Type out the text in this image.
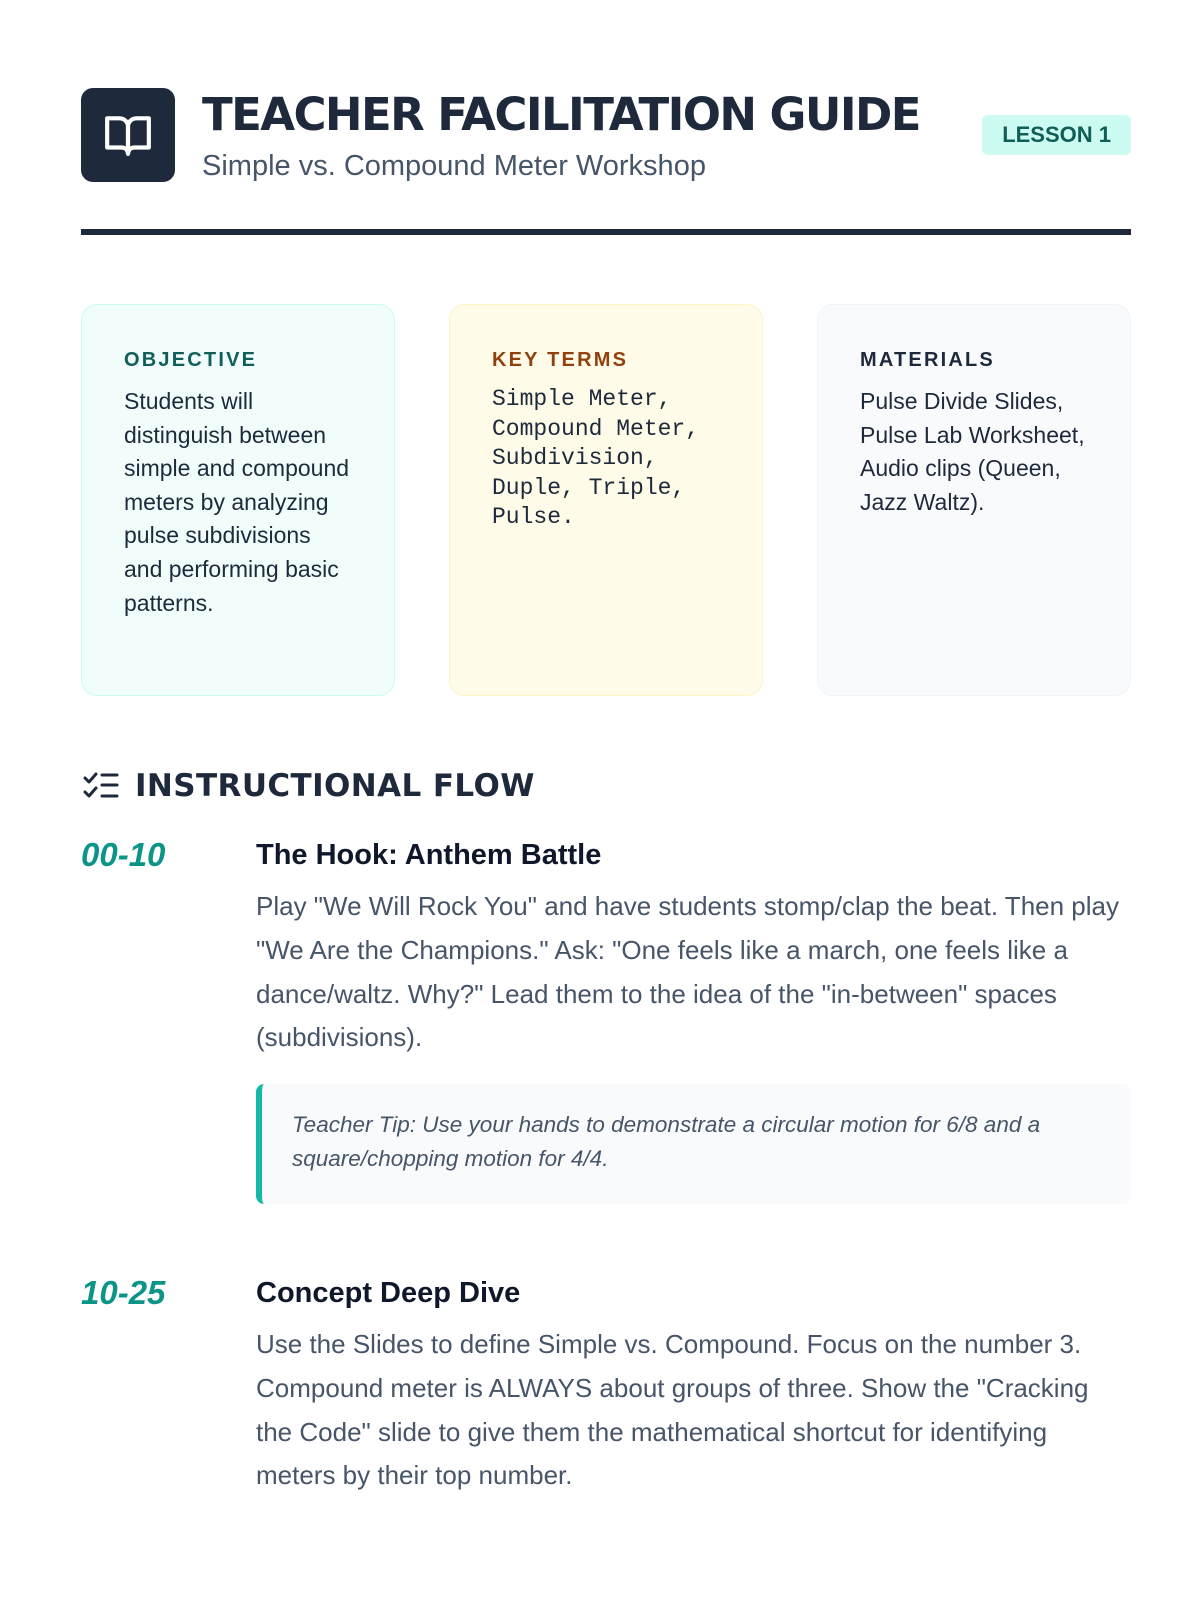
TEACHER FACILITATION GUIDE
Simple vs. Compound Meter Workshop
LESSON 1
OBJECTIVE
Students will distinguish between simple and compound meters by analyzing pulse subdivisions and performing basic patterns.
KEY TERMS
Simple Meter, Compound Meter, Subdivision, Duple, Triple, Pulse.
MATERIALS
Pulse Divide Slides, Pulse Lab Worksheet, Audio clips (Queen, Jazz Waltz).
INSTRUCTIONAL FLOW
00-10	The Hook: Anthem Battle
Play "We Will Rock You" and have students stomp/clap the beat. Then play "We Are the Champions." Ask: "One feels like a march, one feels like a dance/waltz. Why?" Lead them to the idea of the "in-between" spaces (subdivisions).
Teacher Tip: Use your hands to demonstrate a circular motion for 6/8 and a square/chopping motion for 4/4.
10-25	Concept Deep Dive
Use the Slides to define Simple vs. Compound. Focus on the number 3. Compound meter is ALWAYS about groups of three. Show the "Cracking the Code" slide to give them the mathematical shortcut for identifying meters by their top number.
